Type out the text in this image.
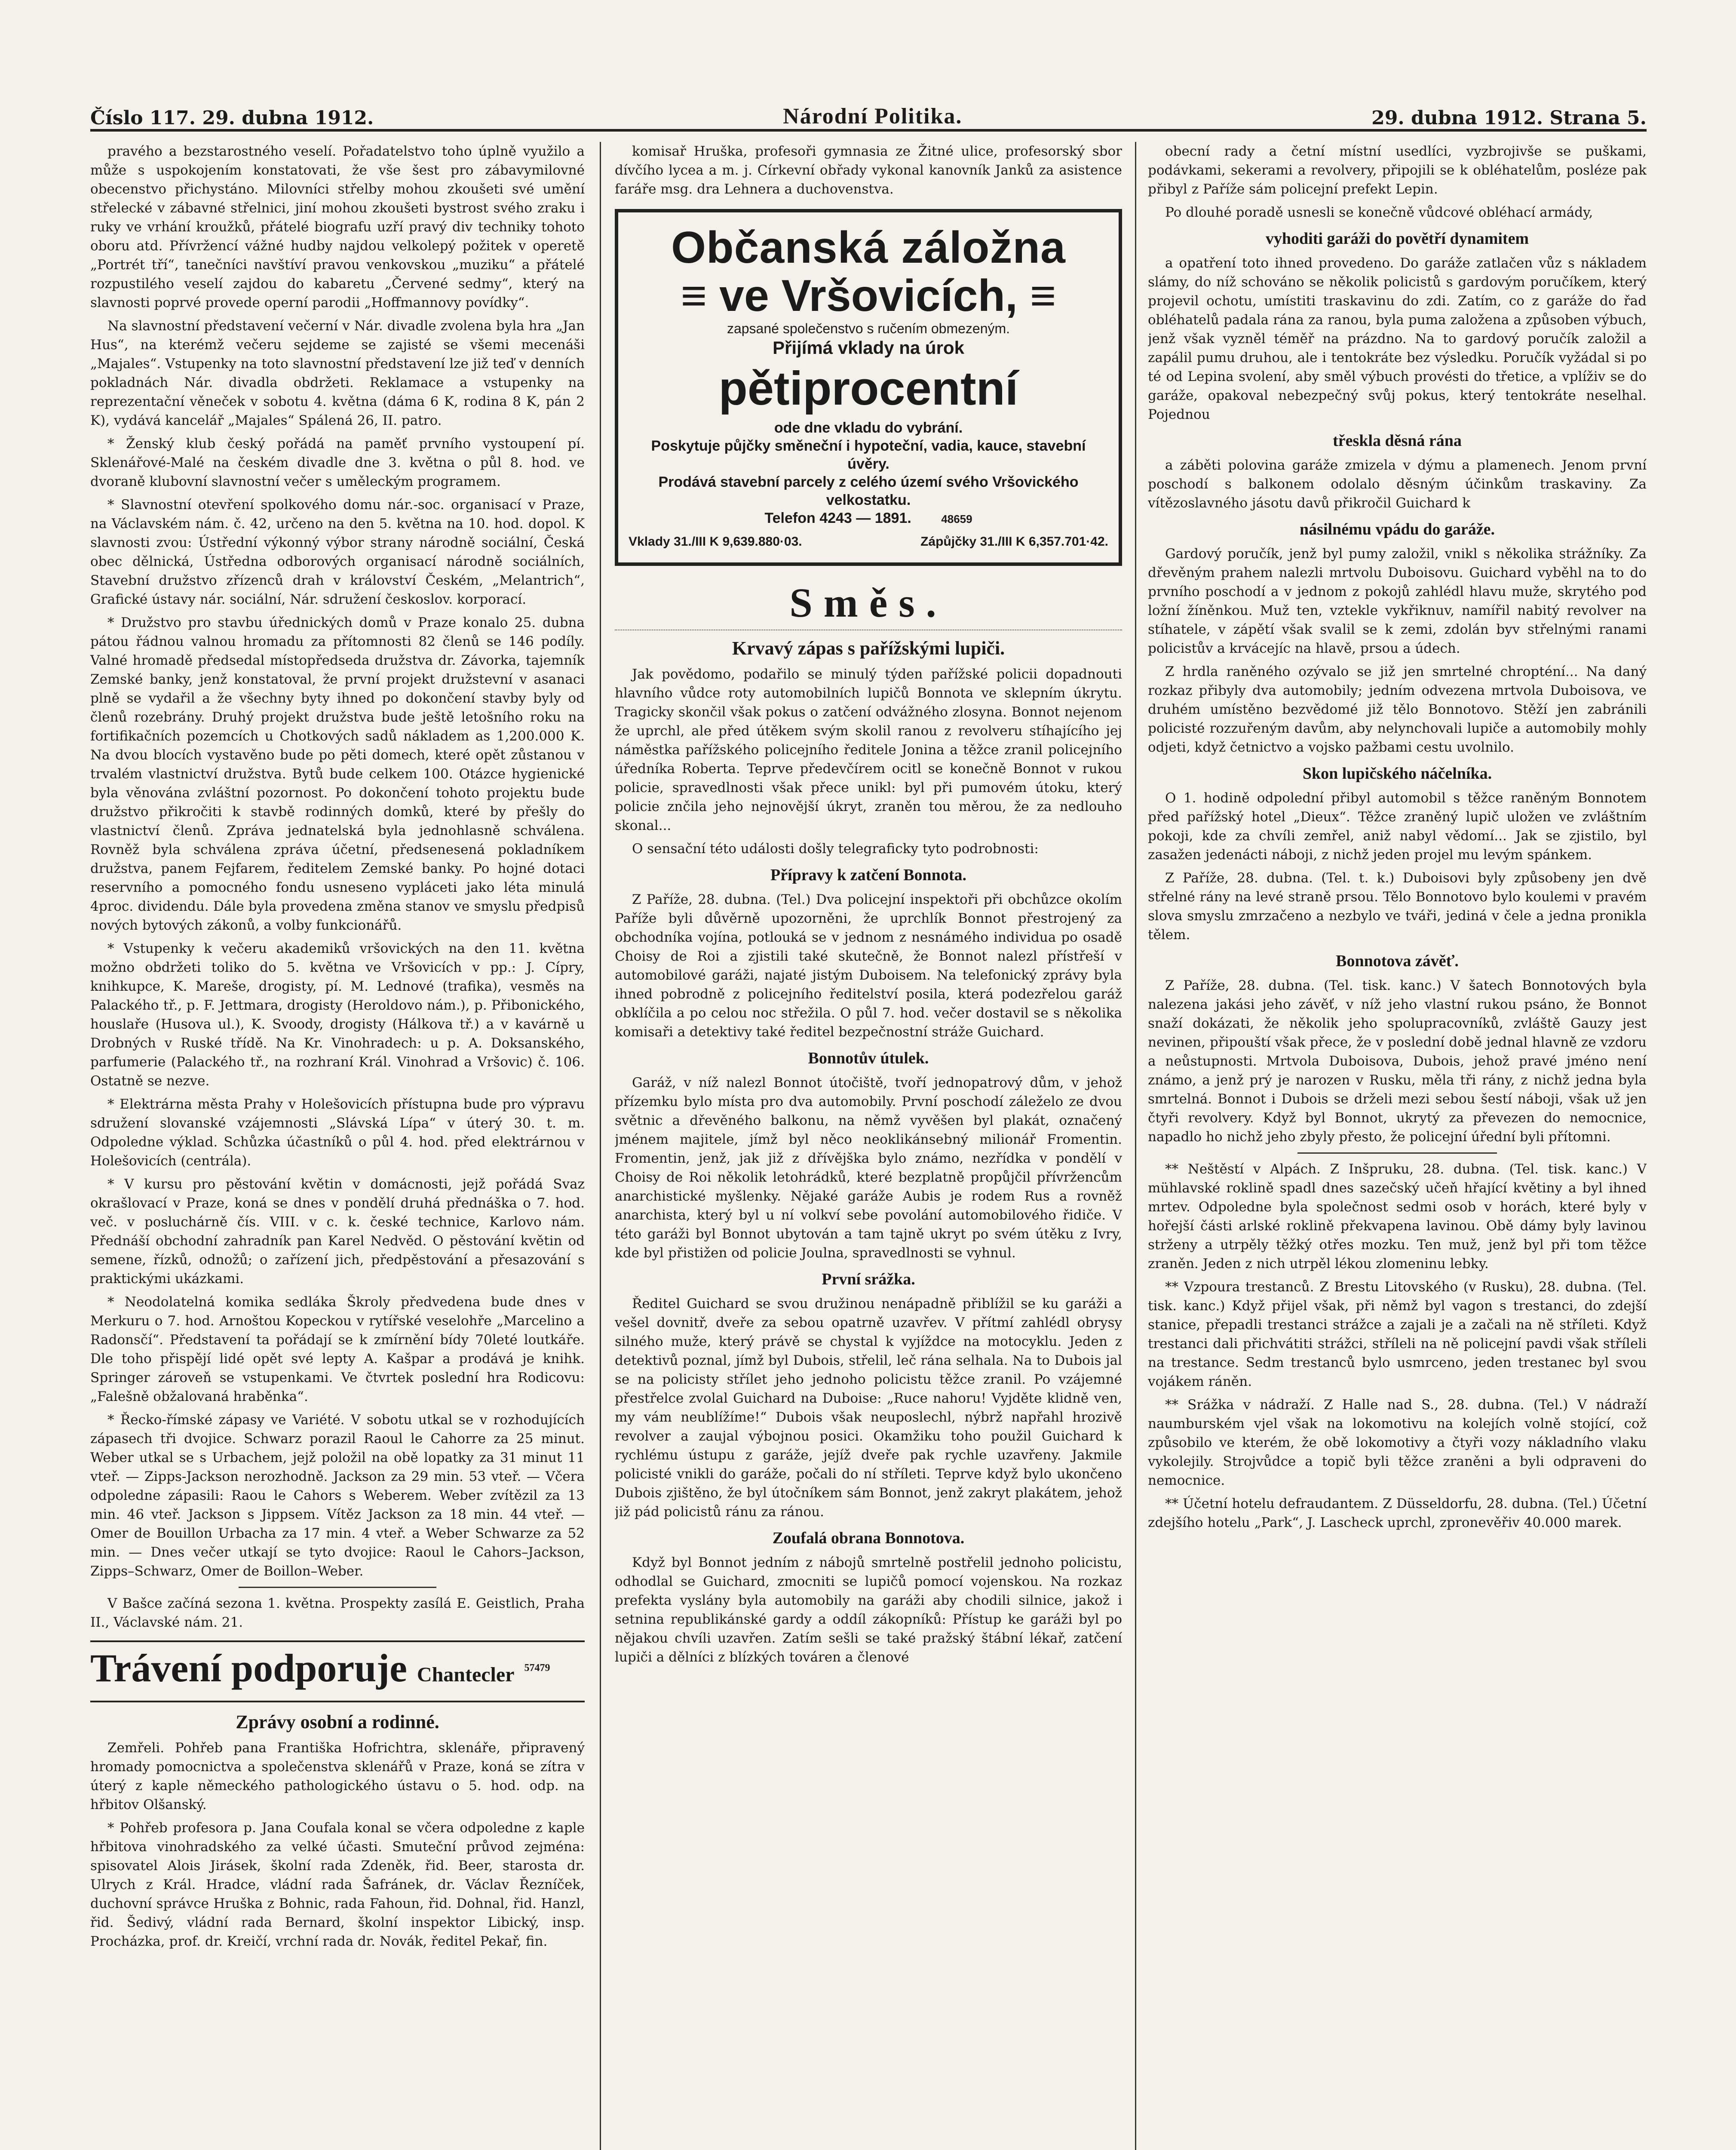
Číslo 117. 29. dubna 1912.	Národní Politika.	29. dubna 1912. Strana 5.

pravého a bezstarostného veselí. Pořadatelstvo toho úplně využilo a může s uspokojením konstatovati, že vše šest pro zábavymilovné obecenstvo přichystáno. Milovníci střelby mohou zkoušeti své umění střelecké v zábavné střelnici, jiní mohou zkoušeti bystrost svého zraku i ruky ve vrhání kroužků, přátelé biografu uzří pravý div techniky tohoto oboru atd. Přívržencí vážné hudby najdou velkolepý požitek v operetě „Portrét tří“, tanečníci navštíví pravou venkovskou „muziku“ a přátelé rozpustilého veselí zajdou do kabaretu „Červené sedmy“, který na slavnosti poprvé provede operní parodii „Hoffmannovy povídky“.

Na slavnostní představení večerní v Nár. divadle zvolena byla hra „Jan Hus“, na kterémž večeru sejdeme se zajisté se všemi mecenáši „Majales“. Vstupenky na toto slavnostní představení lze již teď v denních pokladnách Nár. divadla obdržeti. Reklamace a vstupenky na reprezentační věneček v sobotu 4. května (dáma 6 K, rodina 8 K, pán 2 K), vydává kancelář „Majales“ Spálená 26, II. patro.

* Ženský klub český pořádá na paměť prvního vystoupení pí. Sklenářové-Malé na českém divadle dne 3. května o půl 8. hod. ve dvoraně klubovní slavnostní večer s uměleckým programem.

* Slavnostní otevření spolkového domu nár.-soc. organisací v Praze, na Václavském nám. č. 42, určeno na den 5. května na 10. hod. dopol. K slavnosti zvou: Ústřední výkonný výbor strany národně sociální, Česká obec dělnická, Ústředna odborových organisací národně sociálních, Stavební družstvo zřízenců drah v království Českém, „Melantrich“, Grafické ústavy nár. sociální, Nár. sdružení českoslov. korporací.

* Družstvo pro stavbu úřednických domů v Praze konalo 25. dubna pátou řádnou valnou hromadu za přítomnosti 82 členů se 146 podíly. Valné hromadě předsedal místopředseda družstva dr. Závorka, tajemník Zemské banky, jenž konstatoval, že první projekt družstevní v asanaci plně se vydařil a že všechny byty ihned po dokončení stavby byly od členů rozebrány. Druhý projekt družstva bude ještě letošního roku na fortifikačních pozemcích u Chotkových sadů nákladem as 1,200.000 K. Na dvou blocích vystavěno bude po pěti domech, které opět zůstanou v trvalém vlastnictví družstva. Bytů bude celkem 100. Otázce hygienické byla věnována zvláštní pozornost. Po dokončení tohoto projektu bude družstvo přikročiti k stavbě rodinných domků, které by přešly do vlastnictví členů. Zpráva jednatelská byla jednohlasně schválena. Rovněž byla schválena zpráva účetní, předsenesená pokladníkem družstva, panem Fejfarem, ředitelem Zemské banky. Po hojné dotaci reservního a pomocného fondu usneseno vypláceti jako léta minulá 4proc. dividendu. Dále byla provedena změna stanov ve smyslu předpisů nových bytových zákonů, a volby funkcionářů.

* Vstupenky k večeru akademiků vršovických na den 11. května možno obdržeti toliko do 5. května ve Vršovicích v pp.: J. Cípry, knihkupce, K. Mareše, drogisty, pí. M. Lednové (trafika), vesměs na Palackého tř., p. F. Jettmara, drogisty (Heroldovo nám.), p. Přibonického, houslaře (Husova ul.), K. Svoody, drogisty (Hálkova tř.) a v kavárně u Drobných v Ruské třídě. Na Kr. Vinohradech: u p. A. Doksanského, parfumerie (Palackého tř., na rozhraní Král. Vinohrad a Vršovic) č. 106. Ostatně se nezve.

* Elektrárna města Prahy v Holešovicích přístupna bude pro výpravu sdružení slovanské vzájemnosti „Slávská Lípa“ v úterý 30. t. m. Odpoledne výklad. Schůzka účastníků o půl 4. hod. před elektrárnou v Holešovicích (centrála).

* V kursu pro pěstování květin v domácnosti, jejž pořádá Svaz okrašlovací v Praze, koná se dnes v pondělí druhá přednáška o 7. hod. več. v posluchárně čís. VIII. v c. k. české technice, Karlovo nám. Přednáší obchodní zahradník pan Karel Nedvěd. O pěstování květin od semene, řízků, odnožů; o zařízení jich, předpěstování a přesazování s praktickými ukázkami.

* Neodolatelná komika sedláka Škroly předvedena bude dnes v Merkuru o 7. hod. Arnoštou Kopeckou v rytířské veselohře „Marcelino a Radonsčí“. Představení ta pořádají se k zmírnění bídy 70leté loutkáře. Dle toho přispějí lidé opět své lepty A. Kašpar a prodává je knihk. Springer zároveň se vstupenkami. Ve čtvrtek poslední hra Rodicovu: „Falešně obžalovaná hraběnka“.

* Řecko-římské zápasy ve Variété. V sobotu utkal se v rozhodujících zápasech tři dvojice. Schwarz porazil Raoul le Cahorre za 25 minut. Weber utkal se s Urbachem, jejž položil na obě lopatky za 31 minut 11 vteř. — Zipps-Jackson nerozhodně. Jackson za 29 min. 53 vteř. — Včera odpoledne zápasili: Raou le Cahors s Weberem. Weber zvítězil za 13 min. 46 vteř. Jackson s Jippsem. Vítěz Jackson za 18 min. 44 vteř. — Omer de Bouillon Urbacha za 17 min. 4 vteř. a Weber Schwarze za 52 min. — Dnes večer utkají se tyto dvojice: Raoul le Cahors–Jackson, Zipps–Schwarz, Omer de Boillon–Weber.

V Bašce začíná sezona 1. května. Prospekty zasílá E. Geistlich, Praha II., Václavské nám. 21.

Trávení podporuje Chantecler $^{57479}$
Zprávy osobní a rodinné.

Zemřeli. Pohřeb pana Františka Hofrichtra, sklenáře, připravený hromady pomocnictva a společenstva sklenářů v Praze, koná se zítra v úterý z kaple německého pathologického ústavu o 5. hod. odp. na hřbitov Olšanský.

* Pohřeb profesora p. Jana Coufala konal se včera odpoledne z kaple hřbitova vinohradského za velké účasti. Smuteční průvod zejména: spisovatel Alois Jirásek, školní rada Zdeněk, řid. Beer, starosta dr. Ulrych z Král. Hradce, vládní rada Šafránek, dr. Václav Řezníček, duchovní správce Hruška z Bohnic, rada Fahoun, řid. Dohnal, řid. Hanzl, řid. Šedivý, vládní rada Bernard, školní inspektor Libický, insp. Procházka, prof. dr. Kreičí, vrchní rada dr. Novák, ředitel Pekař, fin.

komisař Hruška, profesoři gymnasia ze Žitné ulice, profesorský sbor dívčího lycea a m. j. Církevní obřady vykonal kanovník Janků za asistence faráře msg. dra Lehnera a duchovenstva.

Občanská záložna
≡ ve Vršovicích, ≡
zapsané společenstvo s ručením obmezeným.
Přijímá vklady na úrok
pětiprocentní
ode dne vkladu do vybrání.
Poskytuje půjčky směneční i hypoteční, vadia, kauce, stavební úvěry.
Prodává stavební parcely z celého území svého Vršovického velkostatku.
Telefon 4243 — 1891.	48659
Vklady 31./III K 9,639.880·03.	Zápůjčky 31./III K 6,357.701·42.
Směs.
Krvavý zápas s pařížskými lupiči.

Jak povědomo, podařilo se minulý týden pařížské policii dopadnouti hlavního vůdce roty automobilních lupičů Bonnota ve sklepním úkrytu. Tragicky skončil však pokus o zatčení odvážného zlosyna. Bonnot nejenom že uprchl, ale před útěkem svým skolil ranou z revolveru stíhajícího jej náměstka pařížského policejního ředitele Jonina a těžce zranil policejního úředníka Roberta. Teprve předevčírem ocitl se konečně Bonnot v rukou policie, spravedlnosti však přece unikl: byl při pumovém útoku, který policie znčila jeho nejnovější úkryt, zraněn tou měrou, že za nedlouho skonal...

O sensační této události došly telegraficky tyto podrobnosti:

Přípravy k zatčení Bonnota.

Z Paříže, 28. dubna. (Tel.) Dva policejní inspektoři při obchůzce okolím Paříže byli důvěrně upozorněni, že uprchlík Bonnot přestrojený za obchodníka vojína, potlouká se v jednom z nesnámého individua po osadě Choisy de Roi a zjistili také skutečně, že Bonnot nalezl přístřeší v automobilové garáži, najaté jistým Duboisem. Na telefonický zprávy byla ihned pobrodně z policejního ředitelství posila, která podezřelou garáž obklíčila a po celou noc střežila. O půl 7. hod. večer dostavil se s několika komisaři a detektivy také ředitel bezpečnostní stráže Guichard.

Bonnotův útulek.

Garáž, v níž nalezl Bonnot útočiště, tvoří jednopatrový dům, v jehož přízemku bylo místa pro dva automobily. První poschodí záleželo ze dvou světnic a dřevěného balkonu, na němž vyvěšen byl plakát, označený jménem majitele, jímž byl něco neoklikánsebný milionář Fromentin. Fromentin, jenž, jak již z dřívějška bylo známo, nezřídka v pondělí v Choisy de Roi několik letohrádků, které bezplatně propůjčil přívržencům anarchistické myšlenky. Nějaké garáže Aubis je rodem Rus a rovněž anarchista, který byl u ní volkví sebe povolání automobilového řidiče. V této garáži byl Bonnot ubytován a tam tajně ukryt po svém útěku z Ivry, kde byl přistižen od policie Joulna, spravedlnosti se vyhnul.

První srážka.

Ředitel Guichard se svou družinou nenápadně přiblížil se ku garáži a vešel dovnitř, dveře za sebou opatrně uzavřev. V přítmí zahlédl obrysy silného muže, který právě se chystal k vyjíždce na motocyklu. Jeden z detektivů poznal, jímž byl Dubois, střelil, leč rána selhala. Na to Dubois jal se na policisty střílet jeho jednoho policistu těžce zranil. Po vzájemné přestřelce zvolal Guichard na Duboise: „Ruce nahoru! Vyjděte klidně ven, my vám neublížíme!“ Dubois však neuposlechl, nýbrž napřahl hrozivě revolver a zaujal výbojnou posici. Okamžiku toho použil Guichard k rychlému ústupu z garáže, jejíž dveře pak rychle uzavřeny. Jakmile policisté vnikli do garáže, počali do ní stříleti. Teprve když bylo ukončeno Dubois zjištěno, že byl útočníkem sám Bonnot, jenž zakryt plakátem, jehož již pád policistů ránu za ránou.

Zoufalá obrana Bonnotova.

Když byl Bonnot jedním z nábojů smrtelně postřelil jednoho policistu, odhodlal se Guichard, zmocniti se lupičů pomocí vojenskou. Na rozkaz prefekta vyslány byla automobily na garáži aby chodili silnice, jakož i setnina republikánské gardy a oddíl zákopníků: Přístup ke garáži byl po nějakou chvíli uzavřen. Zatím sešli se také pražský štábní lékař, zatčení lupiči a dělníci z blízkých továren a členové

obecní rady a četní místní usedlíci, vyzbrojivše se puškami, podávkami, sekerami a revolvery, připojili se k obléhatelům, posléze pak přibyl z Paříže sám policejní prefekt Lepin.

Po dlouhé poradě usnesli se konečně vůdcové obléhací armády,

vyhoditi garáži do povětří dynamitem

a opatření toto ihned provedeno. Do garáže zatlačen vůz s nákladem slámy, do níž schováno se několik policistů s gardovým poručíkem, který projevil ochotu, umístiti traskavinu do zdi. Zatím, co z garáže do řad obléhatelů padala rána za ranou, byla puma založena a způsoben výbuch, jenž však vyzněl téměř na prázdno. Na to gardový poručík založil a zapálil pumu druhou, ale i tentokráte bez výsledku. Poručík vyžádal si po té od Lepina svolení, aby směl výbuch provésti do třetice, a vplíživ se do garáže, opakoval nebezpečný svůj pokus, který tentokráte neselhal. Pojednou

třeskla děsná rána

a záběti polovina garáže zmizela v dýmu a plamenech. Jenom první poschodí s balkonem odolalo děsným účinkům traskaviny. Za vítězoslavného jásotu davů přikročil Guichard k

násilnému vpádu do garáže.

Gardový poručík, jenž byl pumy založil, vnikl s několika strážníky. Za dřevěným prahem nalezli mrtvolu Duboisovu. Guichard vyběhl na to do prvního poschodí a v jednom z pokojů zahlédl hlavu muže, skrytého pod ložní žíněnkou. Muž ten, vztekle vykřiknuv, namířil nabitý revolver na stíhatele, v zápětí však svalil se k zemi, zdolán byv střelnými ranami policistův a krvácejíc na hlavě, prsou a údech.

Z hrdla raněného ozývalo se již jen smrtelné chropténí... Na daný rozkaz přibyly dva automobily; jedním odvezena mrtvola Duboisova, ve druhém umístěno bezvědomé již tělo Bonnotovo. Stěží jen zabránili policisté rozzuřeným davům, aby nelynchovali lupiče a automobily mohly odjeti, když četnictvo a vojsko pažbami cestu uvolnilo.

Skon lupičského náčelníka.

O 1. hodině odpolední přibyl automobil s těžce raněným Bonnotem před pařížský hotel „Dieux“. Těžce zraněný lupič uložen ve zvláštním pokoji, kde za chvíli zemřel, aniž nabyl vědomí... Jak se zjistilo, byl zasažen jedenácti náboji, z nichž jeden projel mu levým spánkem.

Z Paříže, 28. dubna. (Tel. t. k.) Duboisovi byly způsobeny jen dvě střelné rány na levé straně prsou. Tělo Bonnotovo bylo koulemi v pravém slova smyslu zmrzačeno a nezbylo ve tváři, jediná v čele a jedna pronikla tělem.

Bonnotova závěť.

Z Paříže, 28. dubna. (Tel. tisk. kanc.) V šatech Bonnotových byla nalezena jakási jeho závěť, v níž jeho vlastní rukou psáno, že Bonnot snaží dokázati, že několik jeho spolupracovníků, zvláště Gauzy jest nevinen, připouští však přece, že v poslední době jednal hlavně ze vzdoru a neůstupnosti. Mrtvola Duboisova, Dubois, jehož pravé jméno není známo, a jenž prý je narozen v Rusku, měla tři rány, z nichž jedna byla smrtelná. Bonnot i Dubois se drželi mezi sebou šestí náboji, však už jen čtyři revolvery. Když byl Bonnot, ukrytý za převezen do nemocnice, napadlo ho nichž jeho zbyly přesto, že policejní úřední byli přítomni.

** Neštěstí v Alpách. Z Inšpruku, 28. dubna. (Tel. tisk. kanc.) V mühlavské roklině spadl dnes sazečský učeň hřající květiny a byl ihned mrtev. Odpoledne byla společnost sedmi osob v horách, které byly v hořejší části arlské roklině překvapena lavinou. Obě dámy byly lavinou strženy a utrpěly těžký otřes mozku. Ten muž, jenž byl při tom těžce zraněn. Jeden z nich utrpěl lékou zlomeninu lebky.

** Vzpoura trestanců. Z Brestu Litovského (v Rusku), 28. dubna. (Tel. tisk. kanc.) Když přijel však, při němž byl vagon s trestanci, do zdejší stanice, přepadli trestanci strážce a zajali je a začali na ně stříleti. Když trestanci dali přichvátiti strážci, stříleli na ně policejní pavdi však stříleli na trestance. Sedm trestanců bylo usmrceno, jeden trestanec byl svou vojákem ráněn.

** Srážka v nádraží. Z Halle nad S., 28. dubna. (Tel.) V nádraží naumburském vjel však na lokomotivu na kolejích volně stojící, což způsobilo ve kterém, že obě lokomotivy a čtyři vozy nákladního vlaku vykolejily. Strojvůdce a topič byli těžce zraněni a byli odpraveni do nemocnice.

** Účetní hotelu defraudantem. Z Düsseldorfu, 28. dubna. (Tel.) Účetní zdejšího hotelu „Park“, J. Lascheck uprchl, zpronevěřiv 40.000 marek.
